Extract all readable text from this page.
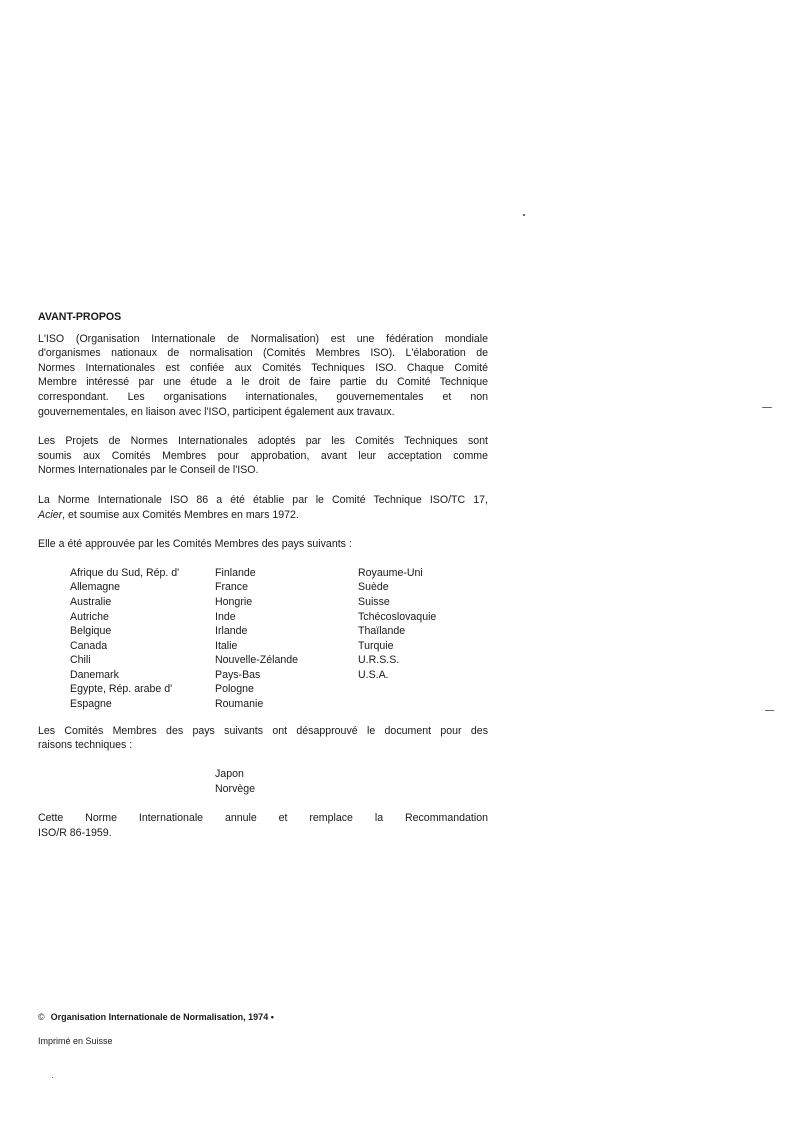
AVANT-PROPOS

L'ISO (Organisation Internationale de Normalisation) est une fédération mondiale

d'organismes nationaux de normalisation (Comités Membres ISO). L'élaboration de

Normes Internationales est confiée aux Comités Techniques ISO. Chaque Comité

Membre intéressé par une étude a le droit de faire partie du Comité Technique

correspondant. Les organisations internationales, gouvernementales et non

gouvernementales, en liaison avec l'ISO, participent également aux travaux.

Les Projets de Normes Internationales adoptés par les Comités Techniques sont

soumis aux Comités Membres pour approbation, avant leur acceptation comme

Normes Internationales par le Conseil de l'ISO.

La Norme Internationale ISO 86 a été établie par le Comité Technique ISO/TC 17,

Acier, et soumise aux Comités Membres en mars 1972.

Elle a été approuvée par les Comités Membres des pays suivants :

Afrique du Sud, Rép. d'
Allemagne
Australie
Autriche
Belgique
Canada
Chili
Danemark
Egypte, Rép. arabe d'
Espagne
Finlande
France
Hongrie
Inde
Irlande
Italie
Nouvelle-Zélande
Pays-Bas
Pologne
Roumanie
Royaume-Uni
Suède
Suisse
Tchécoslovaquie
Thaïlande
Turquie
U.R.S.S.
U.S.A.

Les Comités Membres des pays suivants ont désapprouvé le document pour des

raisons techniques :

Japon
Norvège

Cette Norme Internationale annule et remplace la Recommandation

ISO/R 86-1959.

© Organisation Internationale de Normalisation, 1974 •
Imprimé en Suisse
